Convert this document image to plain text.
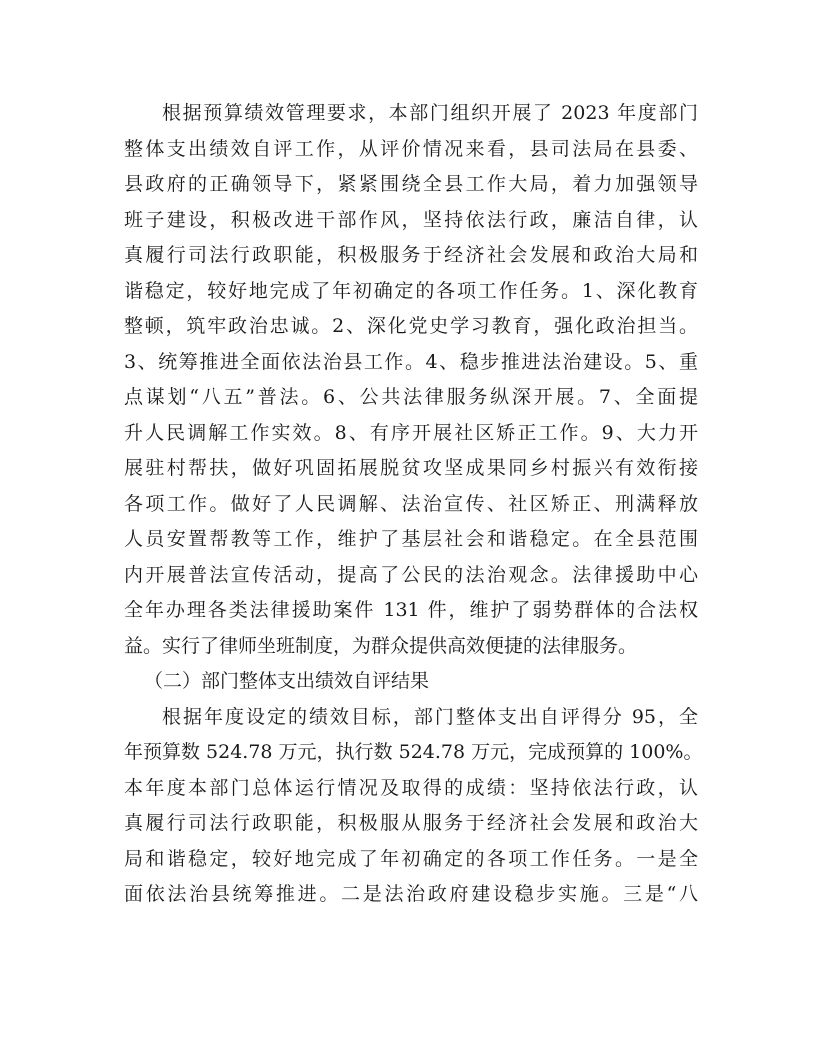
根据预算绩效管理要求，本部门组织开展了 2023 年度部门
整体支出绩效自评工作，从评价情况来看，县司法局在县委、
县政府的正确领导下，紧紧围绕全县工作大局，着力加强领导
班子建设，积极改进干部作风，坚持依法行政，廉洁自律，认
真履行司法行政职能，积极服务于经济社会发展和政治大局和
谐稳定，较好地完成了年初确定的各项工作任务。1、深化教育
整顿，筑牢政治忠诚。2、深化党史学习教育，强化政治担当。
3、统筹推进全面依法治县工作。4、稳步推进法治建设。5、重
点谋划“八五”普法。6、公共法律服务纵深开展。7、全面提
升人民调解工作实效。8、有序开展社区矫正工作。9、大力开
展驻村帮扶，做好巩固拓展脱贫攻坚成果同乡村振兴有效衔接
各项工作。做好了人民调解、法治宣传、社区矫正、刑满释放
人员安置帮教等工作，维护了基层社会和谐稳定。在全县范围
内开展普法宣传活动，提高了公民的法治观念。法律援助中心
全年办理各类法律援助案件 131 件，维护了弱势群体的合法权
益。实行了律师坐班制度，为群众提供高效便捷的法律服务。
（二）部门整体支出绩效自评结果
根据年度设定的绩效目标，部门整体支出自评得分 95，全
年预算数 524.78 万元，执行数 524.78 万元，完成预算的 100%。
本年度本部门总体运行情况及取得的成绩：坚持依法行政，认
真履行司法行政职能，积极服从服务于经济社会发展和政治大
局和谐稳定，较好地完成了年初确定的各项工作任务。一是全
面依法治县统筹推进。二是法治政府建设稳步实施。三是“八
